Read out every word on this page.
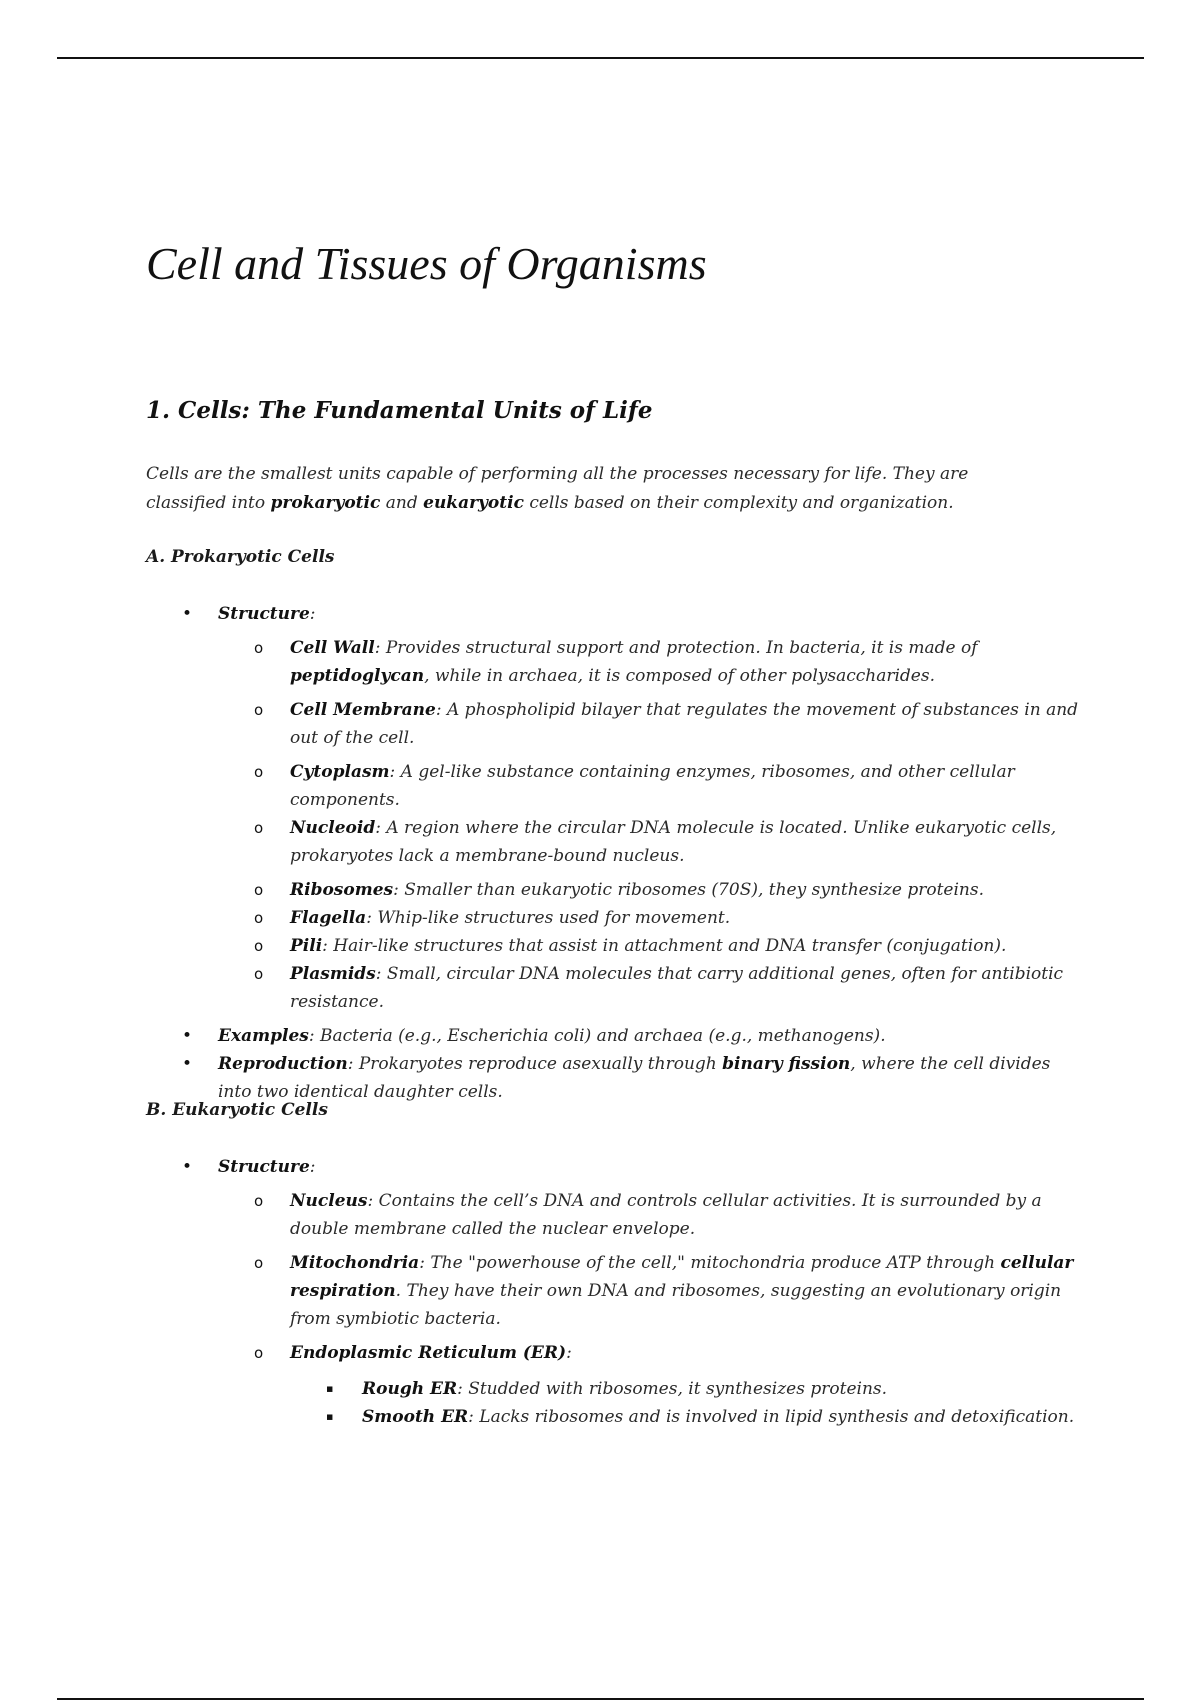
Cell and Tissues of Organisms
1. Cells: The Fundamental Units of Life

Cells are the smallest units capable of performing all the processes necessary for life. They are classified into prokaryotic and eukaryotic cells based on their complexity and organization.

A. Prokaryotic Cells
• Structure:
o Cell Wall: Provides structural support and protection. In bacteria, it is made of peptidoglycan, while in archaea, it is composed of other polysaccharides.
o Cell Membrane: A phospholipid bilayer that regulates the movement of substances in and out of the cell.
o Cytoplasm: A gel-like substance containing enzymes, ribosomes, and other cellular components.
o Nucleoid: A region where the circular DNA molecule is located. Unlike eukaryotic cells, prokaryotes lack a membrane-bound nucleus.
o Ribosomes: Smaller than eukaryotic ribosomes (70S), they synthesize proteins.
o Flagella: Whip-like structures used for movement.
o Pili: Hair-like structures that assist in attachment and DNA transfer (conjugation).
o Plasmids: Small, circular DNA molecules that carry additional genes, often for antibiotic resistance.
• Examples: Bacteria (e.g., Escherichia coli) and archaea (e.g., methanogens).
• Reproduction: Prokaryotes reproduce asexually through binary fission, where the cell divides into two identical daughter cells.
B. Eukaryotic Cells
• Structure:
o Nucleus: Contains the cell’s DNA and controls cellular activities. It is surrounded by a double membrane called the nuclear envelope.
o Mitochondria: The "powerhouse of the cell," mitochondria produce ATP through cellular respiration. They have their own DNA and ribosomes, suggesting an evolutionary origin from symbiotic bacteria.
o Endoplasmic Reticulum (ER):
▪ Rough ER: Studded with ribosomes, it synthesizes proteins.
▪ Smooth ER: Lacks ribosomes and is involved in lipid synthesis and detoxification.
